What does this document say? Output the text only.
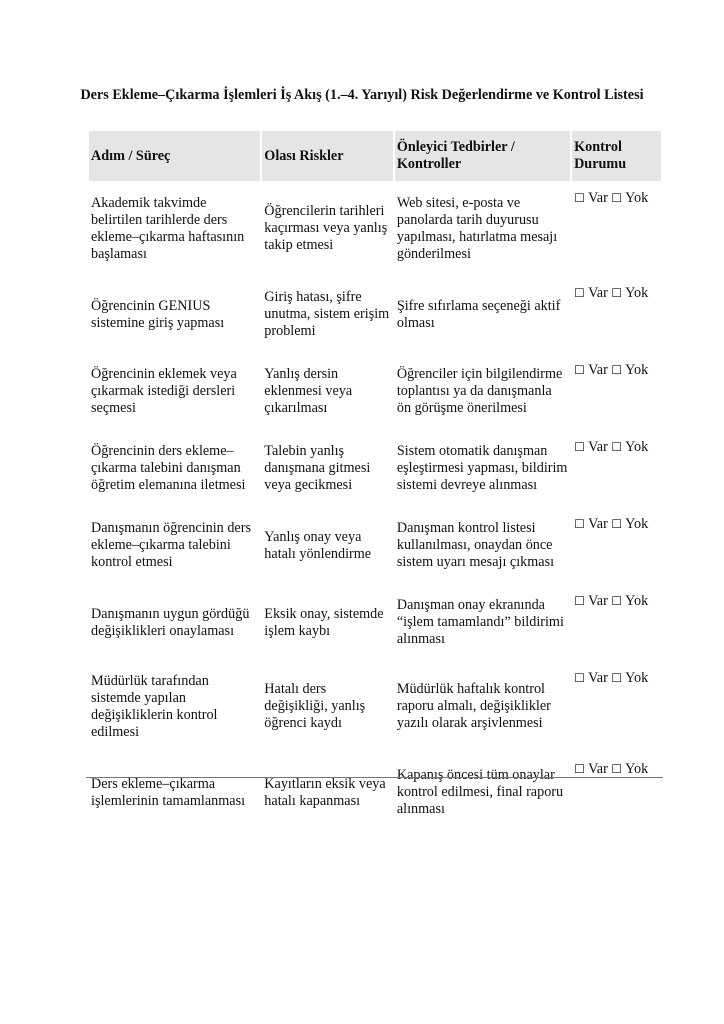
Ders Ekleme–Çıkarma İşlemleri İş Akış (1.–4. Yarıyıl) Risk Değerlendirme ve Kontrol Listesi
Adım / Süreç	Olası Riskler	Önleyici Tedbirler / Kontroller	Kontrol Durumu
Akademik takvimde belirtilen tarihlerde ders ekleme–çıkarma haftasının başlaması	Öğrencilerin tarihleri kaçırması veya yanlış takip etmesi	Web sitesi, e-posta ve panolarda tarih duyurusu yapılması, hatırlatma mesajı gönderilmesi	☐ Var ☐ Yok
Öğrencinin GENIUS sistemine giriş yapması	Giriş hatası, şifre unutma, sistem erişim problemi	Şifre sıfırlama seçeneği aktif olması	☐ Var ☐ Yok
Öğrencinin eklemek veya çıkarmak istediği dersleri seçmesi	Yanlış dersin eklenmesi veya çıkarılması	Öğrenciler için bilgilendirme toplantısı ya da danışmanla ön görüşme önerilmesi	☐ Var ☐ Yok
Öğrencinin ders ekleme–çıkarma talebini danışman öğretim elemanına iletmesi	Talebin yanlış danışmana gitmesi veya gecikmesi	Sistem otomatik danışman eşleştirmesi yapması, bildirim sistemi devreye alınması	☐ Var ☐ Yok
Danışmanın öğrencinin ders ekleme–çıkarma talebini kontrol etmesi	Yanlış onay veya hatalı yönlendirme	Danışman kontrol listesi kullanılması, onaydan önce sistem uyarı mesajı çıkması	☐ Var ☐ Yok
Danışmanın uygun gördüğü değişiklikleri onaylaması	Eksik onay, sistemde işlem kaybı	Danışman onay ekranında “işlem tamamlandı” bildirimi alınması	☐ Var ☐ Yok
Müdürlük tarafından sistemde yapılan değişikliklerin kontrol edilmesi	Hatalı ders değişikliği, yanlış öğrenci kaydı	Müdürlük haftalık kontrol raporu almalı, değişiklikler yazılı olarak arşivlenmesi	☐ Var ☐ Yok
Ders ekleme–çıkarma işlemlerinin tamamlanması	Kayıtların eksik veya hatalı kapanması	Kapanış öncesi tüm onaylar kontrol edilmesi, final raporu alınması	☐ Var ☐ Yok
